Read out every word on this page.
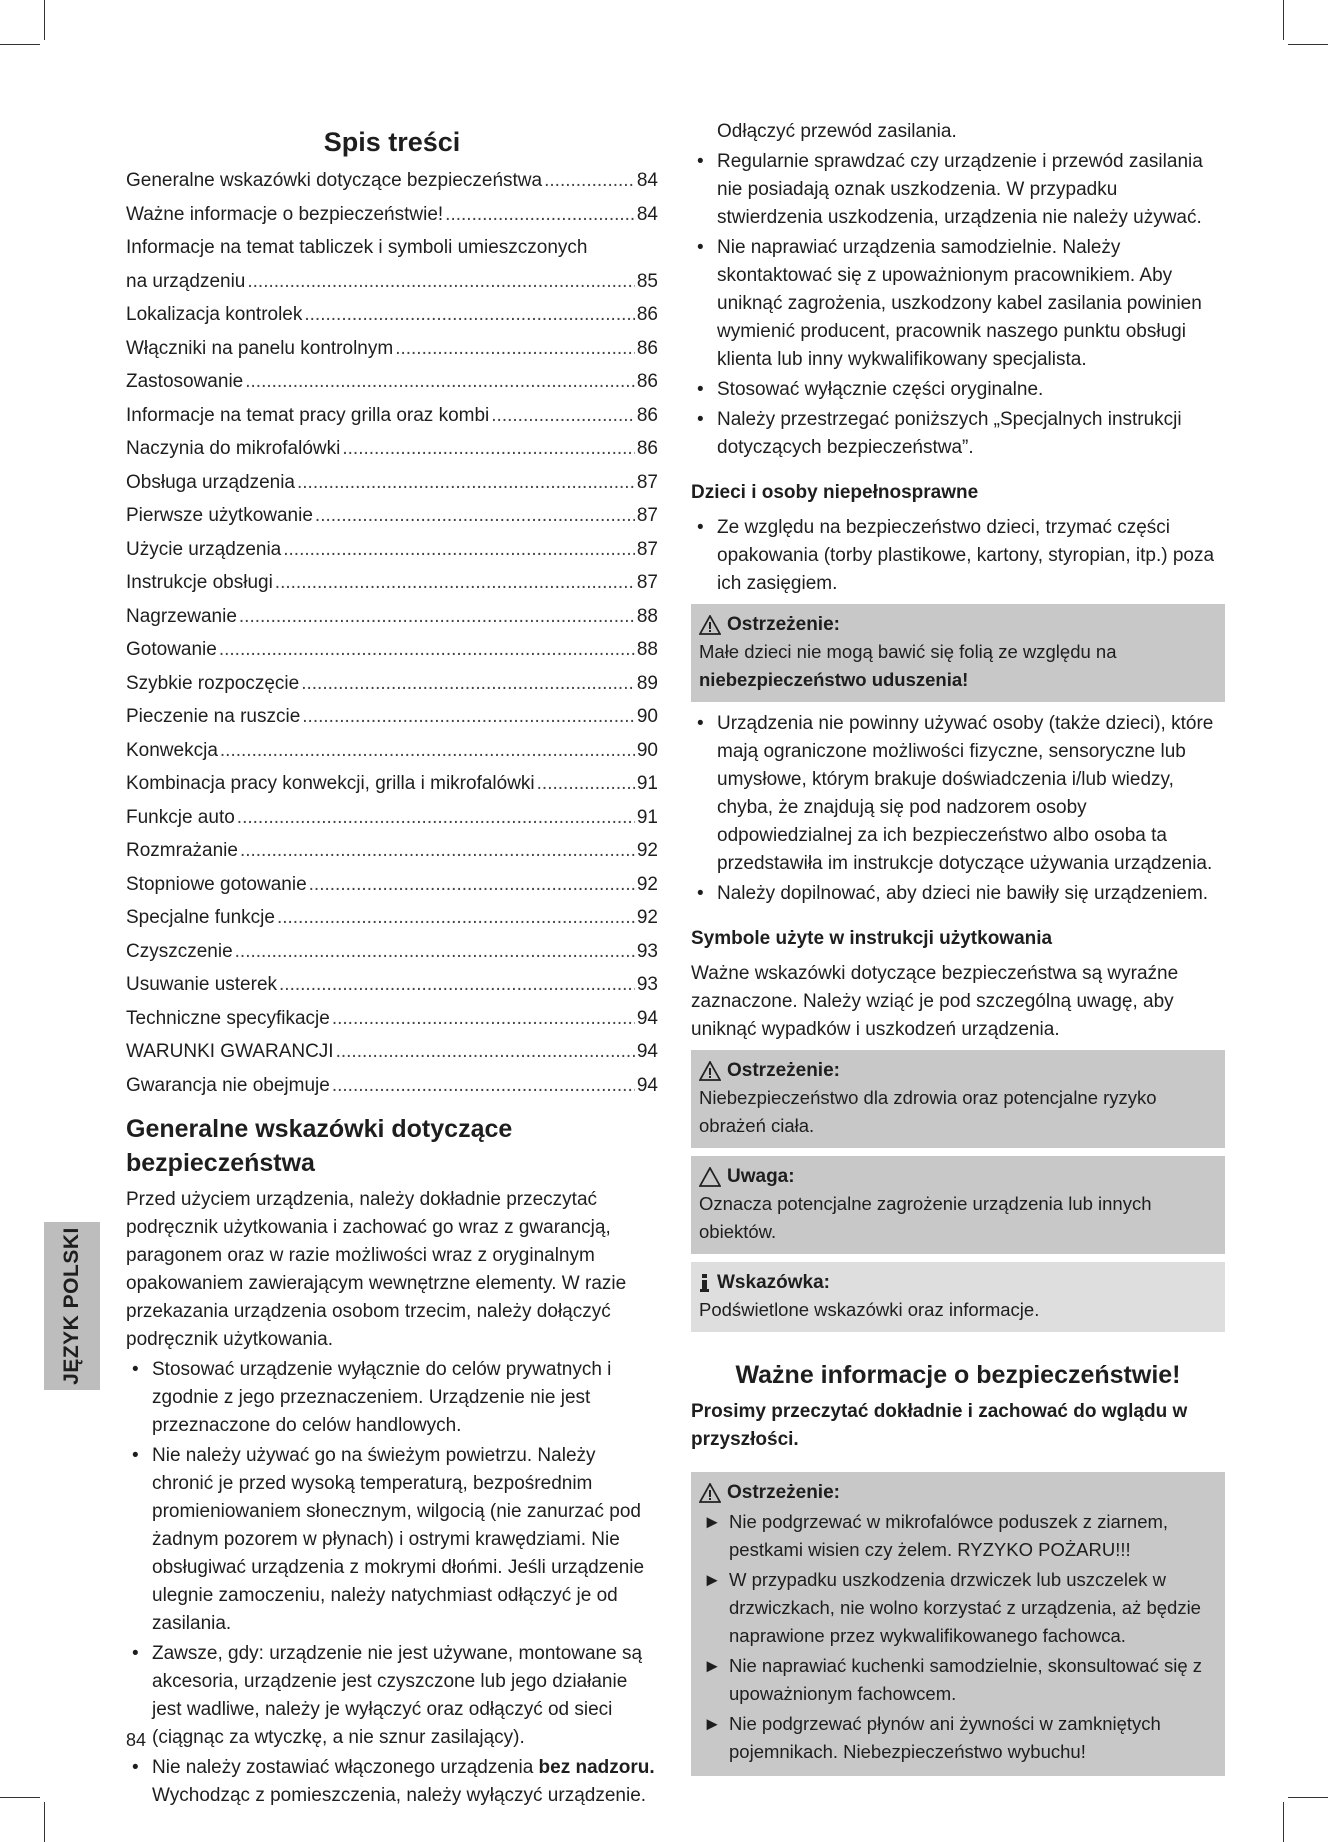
Spis treści
Generalne wskazówki dotyczące bezpieczeństwa .....	84
Ważne informacje o bezpieczeństwie! .....	84
Informacje na temat tabliczek i symboli umieszczonych
na urządzeniu .....	85
Lokalizacja kontrolek .....	86
Włączniki na panelu kontrolnym .....	86
Zastosowanie .....	86
Informacje na temat pracy grilla oraz kombi .....	86
Naczynia do mikrofalówki .....	86
Obsługa urządzenia .....	87
Pierwsze użytkowanie .....	87
Użycie urządzenia .....	87
Instrukcje obsługi .....	87
Nagrzewanie .....	88
Gotowanie .....	88
Szybkie rozpoczęcie .....	89
Pieczenie na ruszcie .....	90
Konwekcja .....	90
Kombinacja pracy konwekcji, grilla i mikrofalówki .....	91
Funkcje auto .....	91
Rozmrażanie .....	92
Stopniowe gotowanie .....	92
Specjalne funkcje .....	92
Czyszczenie .....	93
Usuwanie usterek .....	93
Techniczne specyfikacje .....	94
WARUNKI GWARANCJI .....	94
Gwarancja nie obejmuje .....	94
Generalne wskazówki dotyczące bezpieczeństwa

Przed użyciem urządzenia, należy dokładnie przeczytać podręcznik użytkowania i zachować go wraz z gwarancją, paragonem oraz w razie możliwości wraz z oryginalnym opakowaniem zawierającym wewnętrzne elementy. W razie przekazania urządzenia osobom trzecim, należy dołączyć podręcznik użytkowania.

• Stosować urządzenie wyłącznie do celów prywatnych i zgodnie z jego przeznaczeniem. Urządzenie nie jest przeznaczone do celów handlowych.
• Nie należy używać go na świeżym powietrzu. Należy chronić je przed wysoką temperaturą, bezpośrednim promieniowaniem słonecznym, wilgocią (nie zanurzać pod żadnym pozorem w płynach) i ostrymi krawędziami. Nie obsługiwać urządzenia z mokrymi dłońmi. Jeśli urządzenie ulegnie zamoczeniu, należy natychmiast odłączyć je od zasilania.
• Zawsze, gdy: urządzenie nie jest używane, montowane są akcesoria, urządzenie jest czyszczone lub jego działanie jest wadliwe, należy je wyłączyć oraz odłączyć od sieci (ciągnąc za wtyczkę, a nie sznur zasilający).
• Nie należy zostawiać włączonego urządzenia bez nadzoru.
Wychodząc z pomieszczenia, należy wyłączyć urządzenie.

Odłączyć przewód zasilania.

• Regularnie sprawdzać czy urządzenie i przewód zasilania nie posiadają oznak uszkodzenia. W przypadku stwierdzenia uszkodzenia, urządzenia nie należy używać.
• Nie naprawiać urządzenia samodzielnie. Należy skontaktować się z upoważnionym pracownikiem. Aby uniknąć zagrożenia, uszkodzony kabel zasilania powinien wymienić producent, pracownik naszego punktu obsługi klienta lub inny wykwalifikowany specjalista.
• Stosować wyłącznie części oryginalne.
• Należy przestrzegać poniższych „Specjalnych instrukcji dotyczących bezpieczeństwa”.
Dzieci i osoby niepełnosprawne
• Ze względu na bezpieczeństwo dzieci, trzymać części opakowania (torby plastikowe, kartony, styropian, itp.) poza ich zasięgiem.
Ostrzeżenie:

Małe dzieci nie mogą bawić się folią ze względu na
niebezpieczeństwo uduszenia!

• Urządzenia nie powinny używać osoby (także dzieci), które mają ograniczone możliwości fizyczne, sensoryczne lub umysłowe, którym brakuje doświadczenia i/lub wiedzy, chyba, że znajdują się pod nadzorem osoby odpowiedzialnej za ich bezpieczeństwo albo osoba ta przedstawiła im instrukcje dotyczące używania urządzenia.
• Należy dopilnować, aby dzieci nie bawiły się urządzeniem.
Symbole użyte w instrukcji użytkowania

Ważne wskazówki dotyczące bezpieczeństwa są wyraźne zaznaczone. Należy wziąć je pod szczególną uwagę, aby uniknąć wypadków i uszkodzeń urządzenia.

Ostrzeżenie:

Niebezpieczeństwo dla zdrowia oraz potencjalne ryzyko obrażeń ciała.

Uwaga:

Oznacza potencjalne zagrożenie urządzenia lub innych obiektów.

Wskazówka:

Podświetlone wskazówki oraz informacje.

Ważne informacje o bezpieczeństwie!

Prosimy przeczytać dokładnie i zachować do wglądu w przyszłości.

Ostrzeżenie:
► Nie podgrzewać w mikrofalówce poduszek z ziarnem, pestkami wisien czy żelem. RYZYKO POŻARU!!!
► W przypadku uszkodzenia drzwiczek lub uszczelek w drzwiczkach, nie wolno korzystać z urządzenia, aż będzie naprawione przez wykwalifikowanego fachowca.
► Nie naprawiać kuchenki samodzielnie, skonsultować się z upoważnionym fachowcem.
► Nie podgrzewać płynów ani żywności w zamkniętych pojemnikach. Niebezpieczeństwo wybuchu!
JĘZYK POLSKI
84
